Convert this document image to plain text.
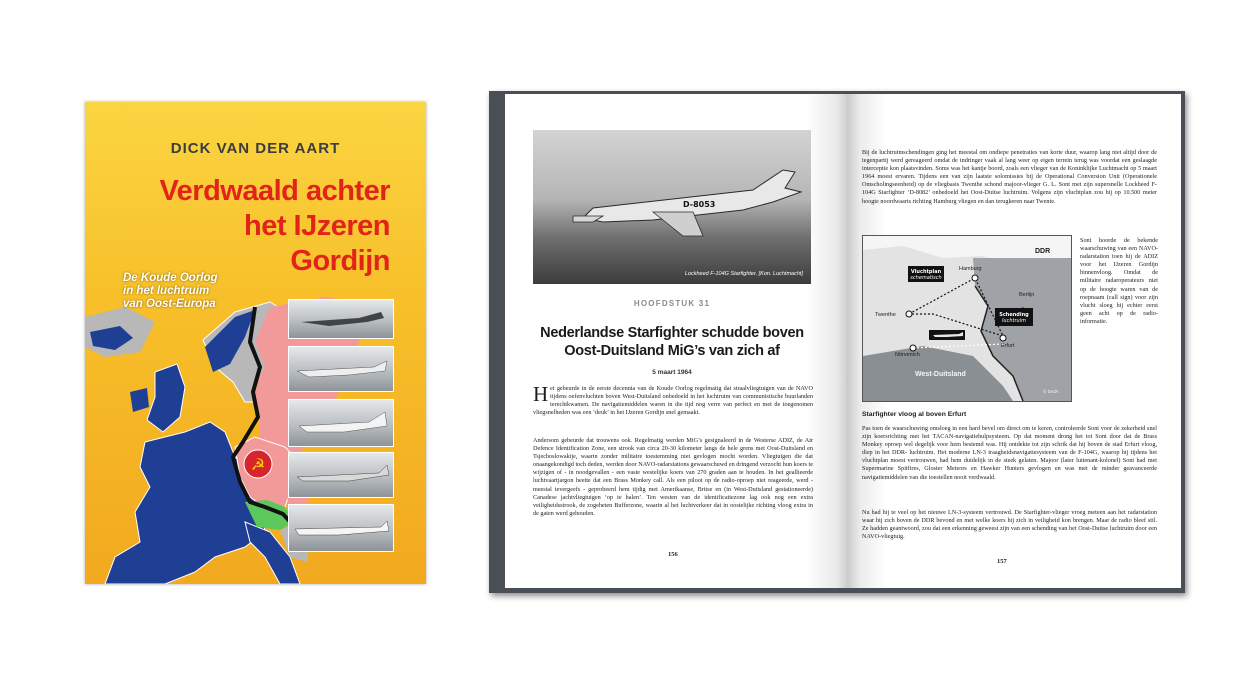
☭
DICK VAN DER AART
Verdwaald achter
het IJzeren
Gordijn
De Koude Oorlog
in het luchtruim
van Oost-Europa
D-8053
Lockheed F-104G Starfighter. [Kon. Luchtmacht]
HOOFDSTUK 31
Nederlandse Starfighter schudde boven
Oost-Duitsland MiG’s van zich af
5 maart 1964
Het gebeurde in de eerste decennia van de Koude Oorlog regelmatig dat straalvliegtuigen van de NAVO tijdens oefenvluchten boven West-Duitsland onbedoeld in het luchtruim van communistische buurlanden terechtkwamen. De navigatiemiddelen waren in die tijd nog verre van perfect en met de toegenomen vliegsnelheden was een ‘deuk’ in het IJzeren Gordijn snel gemaakt.
Andersom gebeurde dat trouwens ook. Regelmatig werden MiG’s gesignaleerd in de Westerse ADIZ, de Air Defence Identification Zone, een strook van circa 20-30 kilometer langs de hele grens met Oost-Duitsland en Tsjechoslowakije, waarin zonder militaire toestemming niet gevlogen mocht worden. Vliegtuigen die dat onaangekondigd toch deden, werden door NAVO-radarstations gewaarschuwd en dringend verzocht hun koers te wijzigen of - in noodgevallen - een vaste westelijke koers van 270 graden aan te houden. In het geallieerde luchtvaartjargon heette dat een Brass Monkey call. Als een piloot op de radio-oproep niet reageerde, werd - meestal tevergeefs - geprobeerd hem tijdig met Amerikaanse, Britse en (in West-Duitsland gestationeerde) Canadese jachtvliegtuigen ‘op te halen’. Ten westen van de identificatiezone lag ook nog een extra veiligheidsstrook, de zogeheten Bufferzone, waarin al het luchtverkeer dat in oostelijke richting vloog extra in de gaten werd gehouden.
156
Bij de luchtruimschendingen ging het meestal om ondiepe penetraties van korte duur, waarop lang niet altijd door de tegenpartij werd gereageerd omdat de indringer vaak al lang weer op eigen terrein terug was voordat een geslaagde interceptie kon plaatsvinden. Soms was het kantje boord, zoals een vlieger van de Koninklijke Luchtmacht op 5 maart 1964 moest ervaren. Tijdens een van zijn laatste solomissies bij de Operational Conversion Unit (Operationele Omscholingseenheid) op de vliegbasis Twenthe schond majoor-vlieger G. L. Sont met zijn supersnelle Lockheed F-104G Starfighter ‘D-8082’ onbedoeld het Oost-Duitse luchtruim. Volgens zijn vluchtplan zou hij op 10.500 meter hoogte noordwaarts richting Hamburg vliegen en dan terugkeren naar Twente.
Vluchtplan
schematisch
Schending
luchtruim
Hamburg
DDR
Berlijn
Twenthe
Erfurt
Nörvenich
West-Duitsland
© DvdA
Sont hoorde de bekende waarschuwing van een NAVO-radarstation toen hij de ADIZ voor het IJzeren Gordijn binnenvloog. Omdat de militaire radaroperateurs niet op de hoogte waren van de roepnaam (call sign) voor zijn vlucht sloeg hij echter eerst geen acht op de radio-informatie.
Starfighter vloog al boven Erfurt
Pas toen de waarschuwing omsloeg in een hard bevel om direct om te keren, controleerde Sont voor de zekerheid snel zijn koersrichting met het TACAN-navigatiehulpsysteem. Op dat moment drong het tot Sont door dat de Brass Monkey oproep wel degelijk voor hem bestemd was. Hij ontdekte tot zijn schrik dat hij boven de stad Erfurt vloog, diep in het DDR- luchtruim. Het moderne LN-3 traagheidsnavigatiesysteem van de F-104G, waarop hij tijdens het vluchtplan moest vertrouwen, had hem duidelijk in de steek gelaten. Majoor (later luitenant-kolonel) Sont had met Supermarine Spitfires, Gloster Meteors en Hawker Hunters gevlogen en was met de minder geavanceerde navigatiemiddelen van die toestellen nooit verdwaald.
Nu had hij te veel op het nieuwe LN-3-systeem vertrouwd. De Starfighter-vlieger vroeg meteen aan het radarstation waar hij zich boven de DDR bevond en met welke koers hij zich in veiligheid kon brengen. Maar de radio bleef stil. Ze hadden geantwoord, zou dat een erkenning geweest zijn van een schending van het Oost-Duitse luchtruim door een NAVO-vliegtuig.
157
